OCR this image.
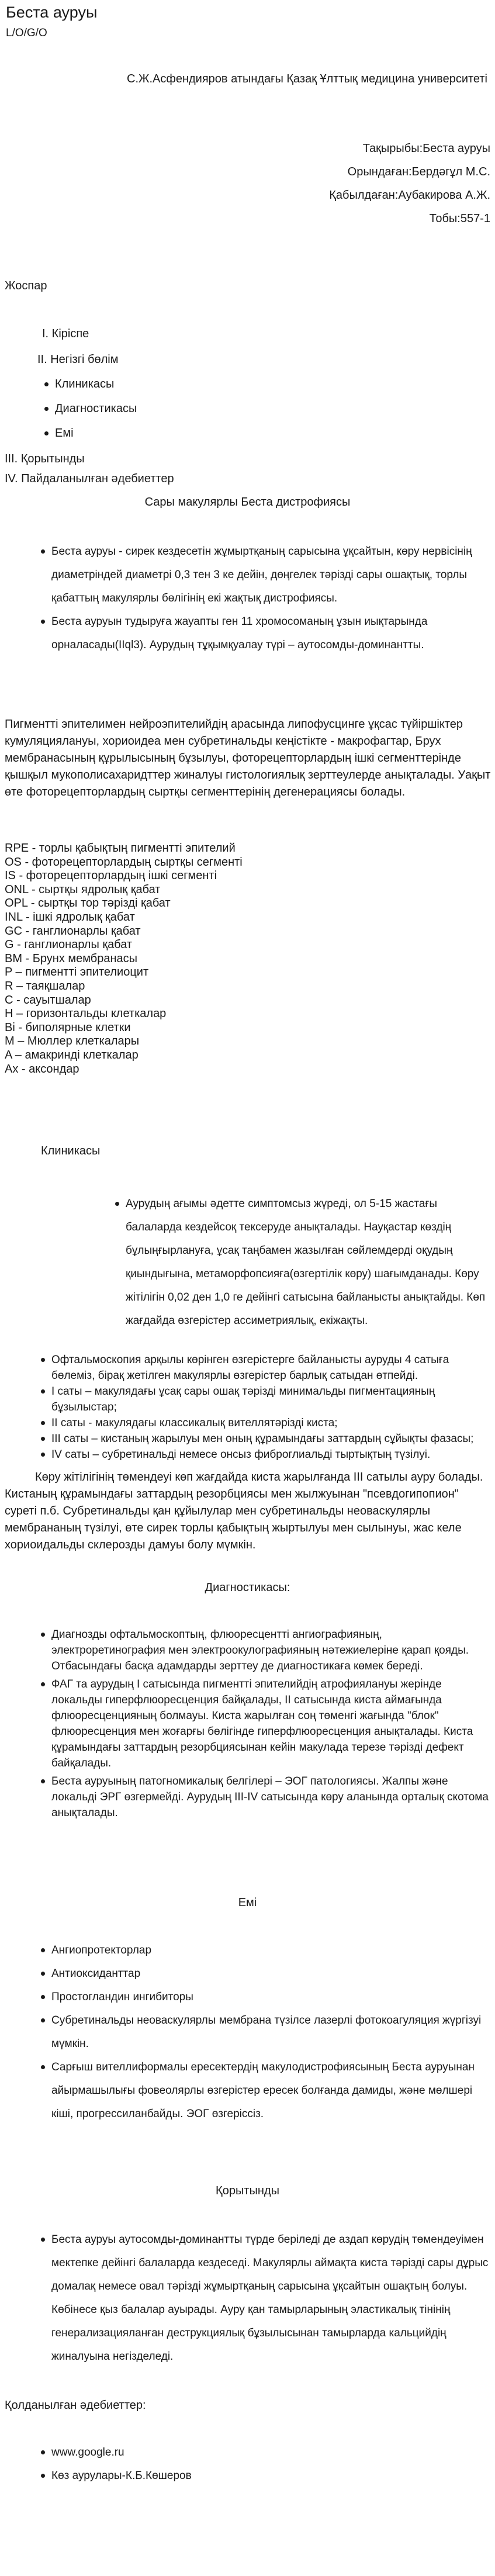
Беста ауруы
L/O/G/O
С.Ж.Асфендияров атындағы Қазақ Ұлттық медицина университеті
Тақырыбы:Беста ауруы
Орындаған:Бердәгұл М.С.
Қабылдаған:Аубакирова А.Ж.
Тобы:557-1
Жоспар
I. Кіріспе
II. Негізгі бөлім
Клиникасы
Диагностикасы
Емі
III. Қорытынды
IV. Пайдаланылған әдебиеттер
Сары макулярлы Беста дистрофиясы
Беста ауруы - сирек кездесетін жұмыртқаның сарысына ұқсайтын, көру нервісінің диаметріндей диаметрі 0,3 тен 3 ке дейін, дөңгелек тәрізді сары ошақтық, торлы қабаттың макулярлы бөлігінің екі жақтық дистрофиясы.
Беста ауруын тудыруға жауапты ген 11 хромосоманың ұзын иықтарында орналасады(IIql3). Аурудың тұқымқуалау түрі – аутосомды-доминантты.
Пигментті эпителимен нейроэпителийдің арасында липофусцинге ұқсас түйіршіктер кумуляциялануы, хориоидеа мен субретинальды кеңістікте - макрофагтар, Брух мембранасының құрылысының бұзылуы, фоторецепторлардың ішкі сегменттерінде қышқыл мукополисахаридттер жиналуы гистологиялық зерттеулерде анықталады. Уақыт өте фоторецепторлардың сыртқы сегменттерінің дегенерациясы болады.
RPE - торлы қабықтың пигментті эпителий
OS - фоторецепторлардың сыртқы сегменті
IS - фоторецепторлардың ішкі сегменті
ONL - сыртқы ядролық қабат
OPL - сыртқы тор тәрізді қабат
INL - ішкі ядролық қабат
GC - ганглионарлы қабат
G - ганглионарлы қабат
BM - Брунх мембранасы
P – пигментті эпителиоцит
R – таяқшалар
C - сауытшалар
H – горизонтальды клеткалар
Bi - биполярные клетки
M – Мюллер клеткалары
A – амакринді клеткалар
Ax - аксондар
Клиникасы
Аурудың ағымы әдетте симптомсыз жүреді, ол 5-15 жастағы балаларда кездейсоқ тексеруде анықталады. Науқастар көздің бұлыңғырлануға, ұсақ таңбамен жазылған сөйлемдерді оқудың қиындығына, метаморфопсияға(өзгертілік көру) шағымданады. Көру жітілігін 0,02 ден 1,0 ге дейінгі сатысына байланысты анықтайды. Көп жағдайда өзгерістер ассиметриялық, екіжақты.
Офтальмоскопия арқылы көрінген өзгерістерге байланысты ауруды 4 сатыға бөлеміз, бірақ жетілген макулярлы өзгерістер барлық сатыдан өтпейді.
I саты – макулядағы ұсақ сары ошақ тәрізді минимальды пигментацияның бұзылыстар;
II саты - макулядағы классикалық вителлятәрізді киста;
III саты – кистаның жарылуы мен оның құрамындағы заттардың сұйықты фазасы;
IV саты – субретинальді немесе онсыз фиброглиальді тыртықтың түзілуі.
Көру жітілігінің төмендеуі көп жағдайда киста жарылғанда III сатылы ауру болады. Кистаның құрамындағы заттардың резорбциясы мен жылжуынан "псевдогипопион" суреті п.б. Субретинальды қан құйылулар мен субретинальды неоваскулярлы мембрананың түзілуі, өте сирек торлы қабықтың жыртылуы мен сылынуы, жас келе хориоидальды склерозды дамуы болу мүмкін.
Диагностикасы:
Диагнозды офтальмоскоптың, флюоресцентті ангиографияның, электроретинография мен электроокулографияның нәтежиелеріне қарап қояды. Отбасындағы басқа адамдарды зерттеу де диагностикаға көмек береді.
ФАГ та аурудың I сатысында пигментті эпителийдің атрофиялануы жерінде локальды гиперфлюоресценция байқалады, II сатысында киста аймағында флюоресценцияның болмауы. Киста жарылған соң төменгі жағында "блок" флюоресценция мен жоғарғы бөлігінде гиперфлюоресценция анықталады. Киста құрамындағы заттардың резорбциясынан кейін макулада терезе тәрізді дефект байқалады.
Беста ауруының патогномикалық белгілері – ЭОГ патологиясы. Жалпы және локальді ЭРГ өзгермейді. Аурудың III-IV сатысында көру аланында орталық скотома анықталады.
Емі
Ангиопротекторлар
Антиоксиданттар
Простогландин ингибиторы
Субретинальды неоваскулярлы мембрана түзілсе лазерлі фотокоагуляция жүргізуі мүмкін.
Сарғыш вителлиформалы ересектердің макулодистрофиясының Беста ауруынан айырмашылығы фовеолярлы өзгерістер ересек болғанда дамиды, және мөлшері кіші, прогрессиланбайды. ЭОГ өзгеріссіз.
Қорытынды
Беста ауруы аутосомды-доминантты түрде беріледі де аздап көрудің төмендеуімен мектепке дейінгі балаларда кездеседі. Макулярлы аймақта киста тәрізді сары дұрыс домалақ немесе овал тәрізді жұмыртқаның сарысына ұқсайтын ошақтың болуы. Көбінесе қыз балалар ауырады. Ауру қан тамырларының эластикалық тінінің генерализацияланған деструкциялық бұзылысынан тамырларда кальцийдің жиналуына негізделеді.
Қолданылған әдебиеттер:
www.google.ru
Көз аурулары-К.Б.Көшеров
